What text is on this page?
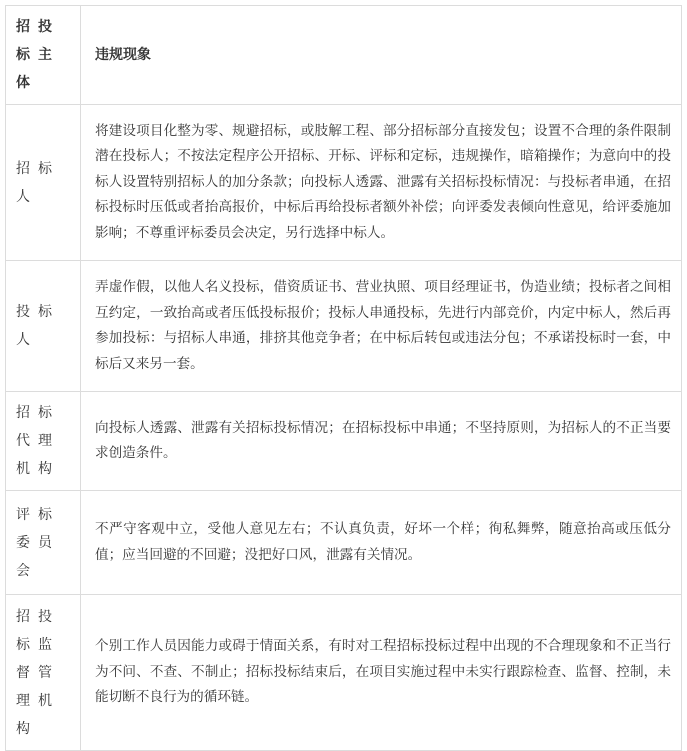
招投标主体	违规现象
招标人	将建设项目化整为零、规避招标，或肢解工程、部分招标部分直接发包；设置不合理的条件限制潜在投标人；不按法定程序公开招标、开标、评标和定标，违规操作，暗箱操作；为意向中的投标人设置特别招标人的加分条款；向投标人透露、泄露有关招标投标情况：与投标者串通，在招标投标时压低或者抬高报价，中标后再给投标者额外补偿；向评委发表倾向性意见，给评委施加影响；不尊重评标委员会决定，另行选择中标人。
投标人	弄虚作假，以他人名义投标，借资质证书、营业执照、项目经理证书，伪造业绩；投标者之间相互约定，一致抬高或者压低投标报价；投标人串通投标，先进行内部竞价，内定中标人，然后再参加投标：与招标人串通，排挤其他竞争者；在中标后转包或违法分包；不承诺投标时一套，中标后又来另一套。
招标代理机构	向投标人透露、泄露有关招标投标情况；在招标投标中串通；不坚持原则，为招标人的不正当要求创造条件。
评标委员会	不严守客观中立，受他人意见左右；不认真负责，好坏一个样；徇私舞弊，随意抬高或压低分值；应当回避的不回避；没把好口风，泄露有关情况。
招投标监督管理机构	个别工作人员因能力或碍于情面关系，有时对工程招标投标过程中出现的不合理现象和不正当行为不问、不查、不制止；招标投标结束后，在项目实施过程中未实行跟踪检查、监督、控制，未能切断不良行为的循环链。
